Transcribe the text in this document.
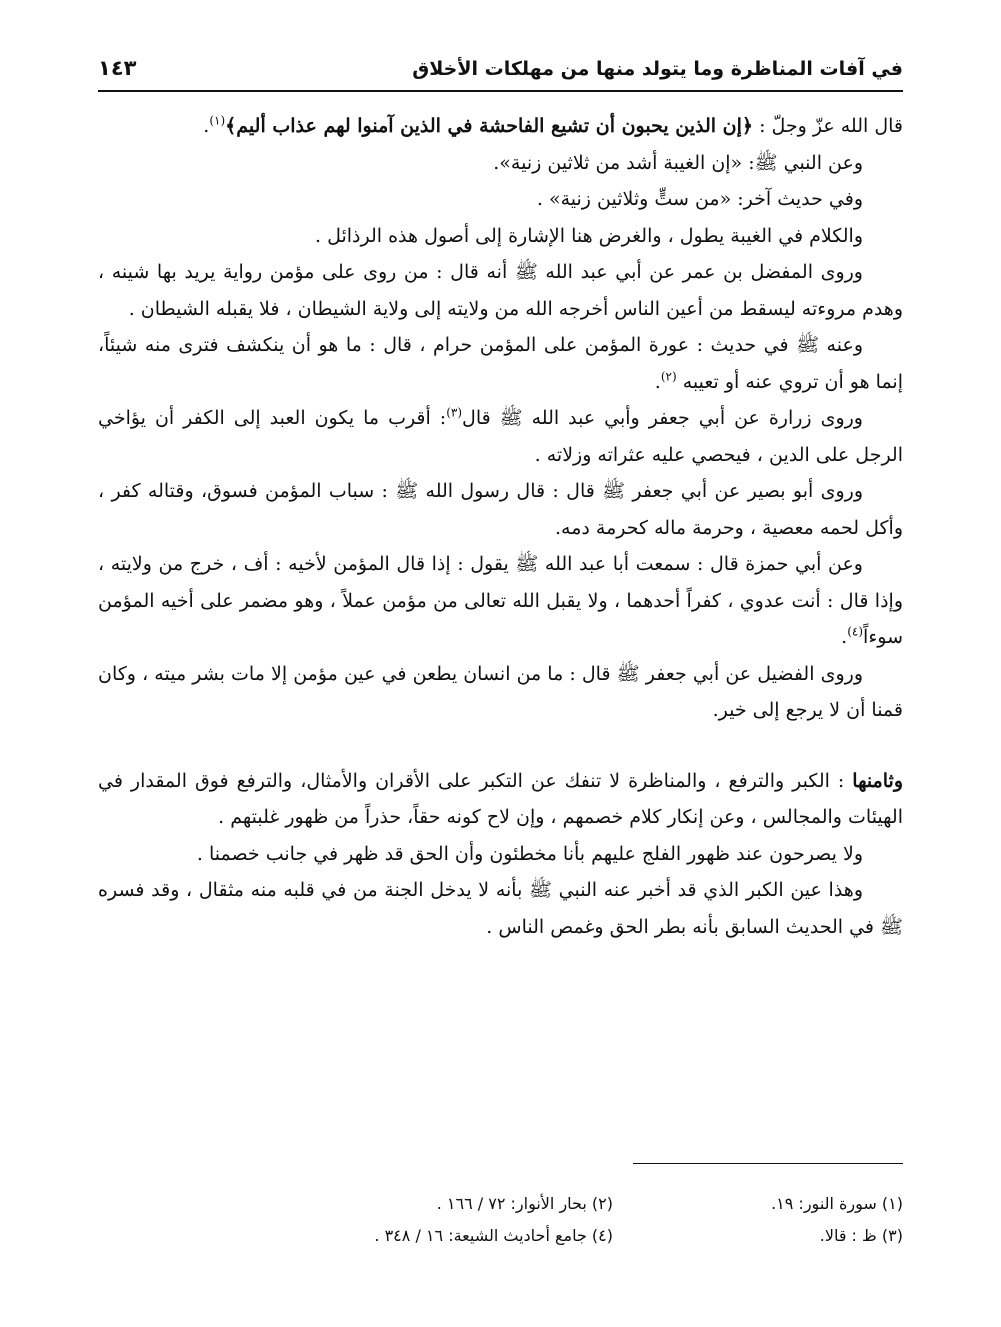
في آفات المناظرة وما يتولد منها من مهلكات الأخلاق
١٤٣

قال الله عزّ وجلّ : ﴿إن الذين يحبون أن تشيع الفاحشة في الذين آمنوا لهم عذاب أليم﴾$^{(١)}$.

وعن النبي ﷺ: «إن الغيبة أشد من ثلاثين زنية».

وفي حديث آخر: «من ستٍّ وثلاثين زنية» .

والكلام في الغيبة يطول ، والغرض هنا الإشارة إلى أصول هذه الرذائل .

وروى المفضل بن عمر عن أبي عبد الله ﷺ أنه قال : من روى على مؤمن رواية يريد بها شينه ، وهدم مروءته ليسقط من أعين الناس أخرجه الله من ولايته إلى ولاية الشيطان ، فلا يقبله الشيطان .

وعنه ﷺ في حديث : عورة المؤمن على المؤمن حرام ، قال : ما هو أن ينكشف فترى منه شيئاً، إنما هو أن تروي عنه أو تعيبه $^{(٢)}$.

وروى زرارة عن أبي جعفر وأبي عبد الله ﷺ قال$^{(٣)}$: أقرب ما يكون العبد إلى الكفر أن يؤاخي الرجل على الدين ، فيحصي عليه عثراته وزلاته .

وروى أبو بصير عن أبي جعفر ﷺ قال : قال رسول الله ﷺ : سباب المؤمن فسوق، وقتاله كفر ، وأكل لحمه معصية ، وحرمة ماله كحرمة دمه.

وعن أبي حمزة قال : سمعت أبا عبد الله ﷺ يقول : إذا قال المؤمن لأخيه : أف ، خرج من ولايته ، وإذا قال : أنت عدوي ، كفراً أحدهما ، ولا يقبل الله تعالى من مؤمن عملاً ، وهو مضمر على أخيه المؤمن سوءاً$^{(٤)}$.

وروى الفضيل عن أبي جعفر ﷺ قال : ما من انسان يطعن في عين مؤمن إلا مات بشر ميته ، وكان قمنا أن لا يرجع إلى خير.

وثامنها : الكبر والترفع ، والمناظرة لا تنفك عن التكبر على الأقران والأمثال، والترفع فوق المقدار في الهيئات والمجالس ، وعن إنكار كلام خصمهم ، وإن لاح كونه حقاً، حذراً من ظهور غلبتهم .

ولا يصرحون عند ظهور الفلج عليهم بأنا مخطئون وأن الحق قد ظهر في جانب خصمنا .

وهذا عين الكبر الذي قد أخبر عنه النبي ﷺ بأنه لا يدخل الجنة من في قلبه منه مثقال ، وقد فسره ﷺ في الحديث السابق بأنه بطر الحق وغمص الناس .

(١) سورة النور: ١٩.
(٢) بحار الأنوار: ٧٢ / ١٦٦ .
(٣) ظ : قالا.
(٤) جامع أحاديث الشيعة: ١٦ / ٣٤٨ .
